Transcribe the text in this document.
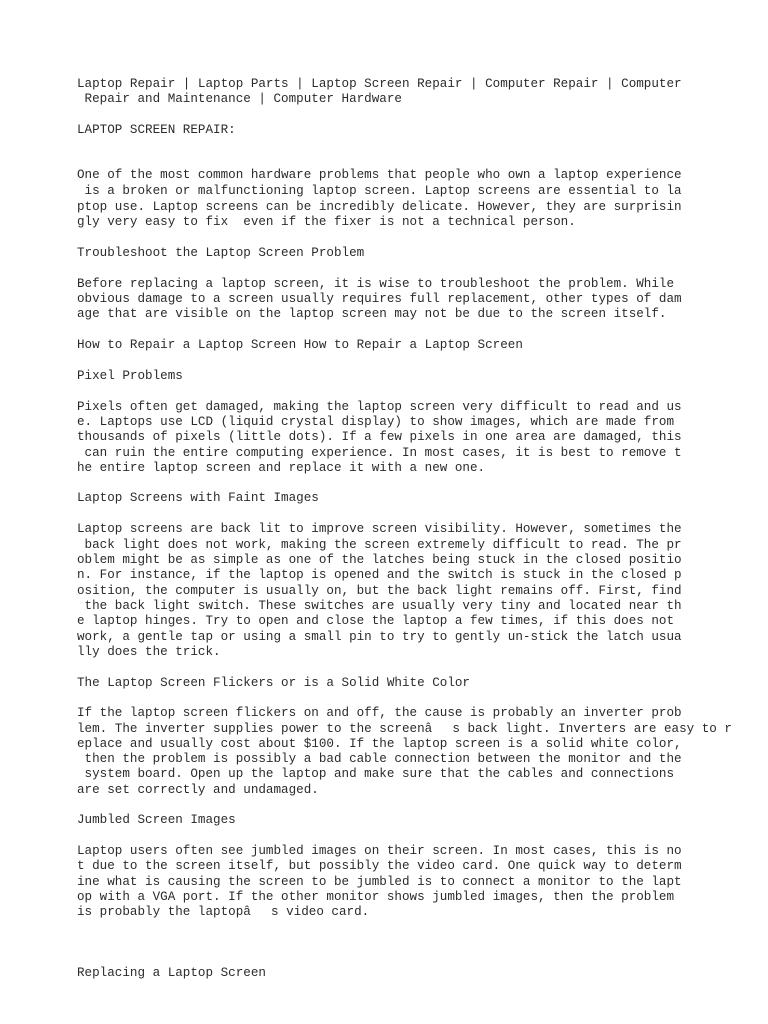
Laptop Repair | Laptop Parts | Laptop Screen Repair | Computer Repair | Computer

Repair and Maintenance | Computer Hardware

LAPTOP SCREEN REPAIR:

One of the most common hardware problems that people who own a laptop experience

is a broken or malfunctioning laptop screen. Laptop screens are essential to la

ptop use. Laptop screens can be incredibly delicate. However, they are surprisin

gly very easy to fix  even if the fixer is not a technical person.

Troubleshoot the Laptop Screen Problem

Before replacing a laptop screen, it is wise to troubleshoot the problem. While

obvious damage to a screen usually requires full replacement, other types of dam

age that are visible on the laptop screen may not be due to the screen itself.

How to Repair a Laptop Screen How to Repair a Laptop Screen

Pixel Problems

Pixels often get damaged, making the laptop screen very difficult to read and us

e. Laptops use LCD (liquid crystal display) to show images, which are made from

thousands of pixels (little dots). If a few pixels in one area are damaged, this

can ruin the entire computing experience. In most cases, it is best to remove t

he entire laptop screen and replace it with a new one.

Laptop Screens with Faint Images

Laptop screens are back lit to improve screen visibility. However, sometimes the

back light does not work, making the screen extremely difficult to read. The pr

oblem might be as simple as one of the latches being stuck in the closed positio

n. For instance, if the laptop is opened and the switch is stuck in the closed p

osition, the computer is usually on, but the back light remains off. First, find

the back light switch. These switches are usually very tiny and located near th

e laptop hinges. Try to open and close the laptop a few times, if this does not

work, a gentle tap or using a small pin to try to gently un-stick the latch usua

lly does the trick.

The Laptop Screen Flickers or is a Solid White Color

If the laptop screen flickers on and off, the cause is probably an inverter prob

lem. The inverter supplies power to the screenâs back light. Inverters are easy to r

eplace and usually cost about $100. If the laptop screen is a solid white color,

then the problem is possibly a bad cable connection between the monitor and the

system board. Open up the laptop and make sure that the cables and connections

are set correctly and undamaged.

Jumbled Screen Images

Laptop users often see jumbled images on their screen. In most cases, this is no

t due to the screen itself, but possibly the video card. One quick way to determ

ine what is causing the screen to be jumbled is to connect a monitor to the lapt

op with a VGA port. If the other monitor shows jumbled images, then the problem

is probably the laptopâs video card.

Replacing a Laptop Screen
